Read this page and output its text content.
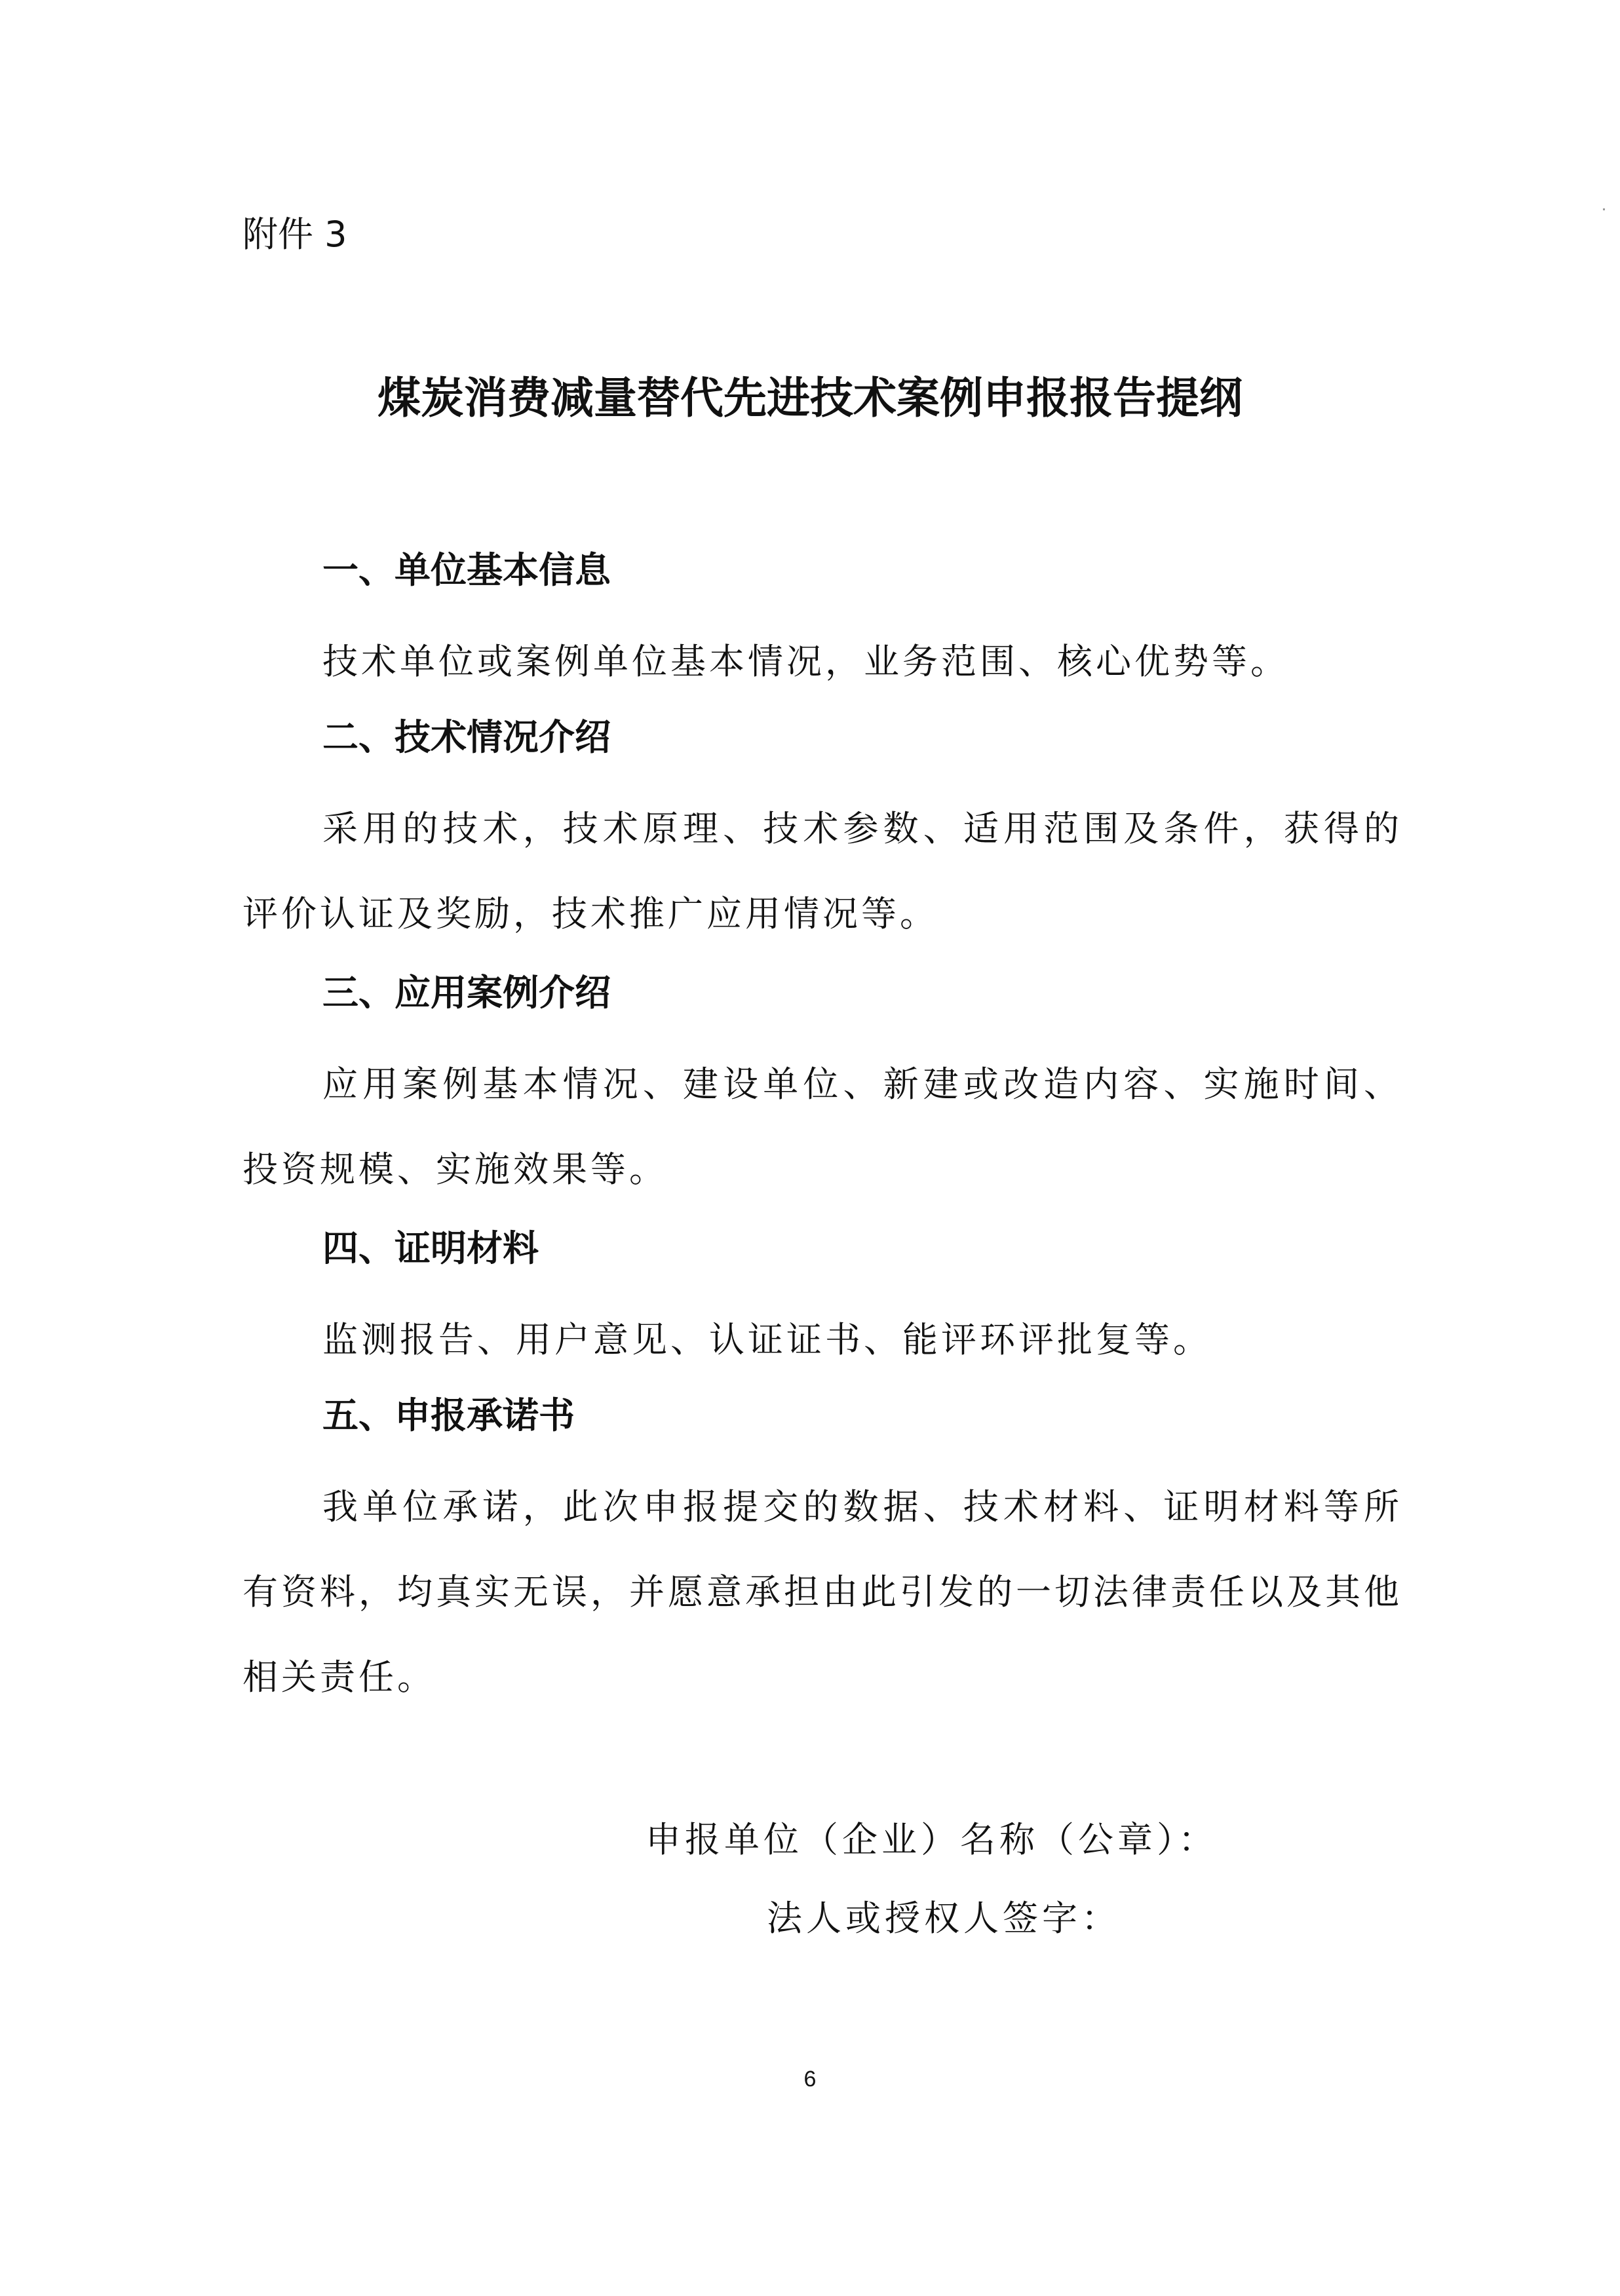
附件 3
煤炭消费减量替代先进技术案例申报报告提纲
一、单位基本信息

技术单位或案例单位基本情况，业务范围、核心优势等。

二、技术情况介绍

采用的技术，技术原理、技术参数、适用范围及条件，获得的评价认证及奖励，技术推广应用情况等。

三、应用案例介绍

应用案例基本情况、建设单位、新建或改造内容、实施时间、投资规模、实施效果等。

四、证明材料

监测报告、用户意见、认证证书、能评环评批复等。

五、申报承诺书

我单位承诺，此次申报提交的数据、技术材料、证明材料等所有资料，均真实无误，并愿意承担由此引发的一切法律责任以及其他相关责任。

申报单位（企业）名称（公章）：
法人或授权人签字：
6
